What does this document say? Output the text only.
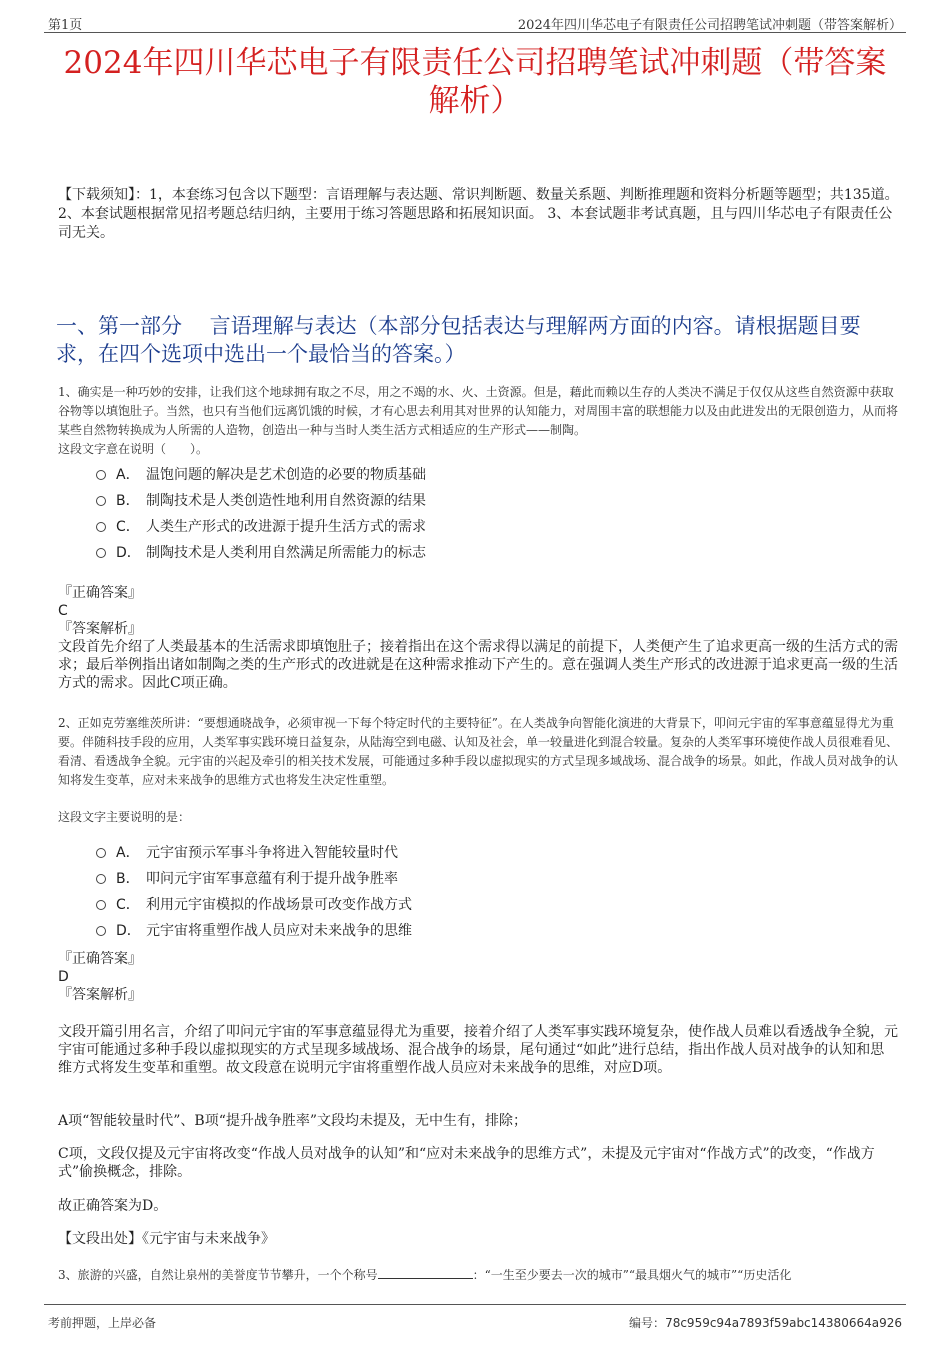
第1页	2024年四川华芯电子有限责任公司招聘笔试冲刺题（带答案解析）
2024年四川华芯电子有限责任公司招聘笔试冲刺题（带答案解析）
【下载须知】：1，本套练习包含以下题型：言语理解与表达题、常识判断题、数量关系题、判断推理题和资料分析题等题型；共135道。 2、本套试题根据常见招考题总结归纳，主要用于练习答题思路和拓展知识面。 3、本套试题非考试真题，且与四川华芯电子有限责任公司无关。
一、第一部分　 言语理解与表达（本部分包括表达与理解两方面的内容。请根据题目要求，在四个选项中选出一个最恰当的答案。）
1、确实是一种巧妙的安排，让我们这个地球拥有取之不尽，用之不竭的水、火、土资源。但是，藉此而赖以生存的人类决不满足于仅仅从这些自然资源中获取谷物等以填饱肚子。当然，也只有当他们远离饥饿的时候，才有心思去利用其对世界的认知能力，对周围丰富的联想能力以及由此进发出的无限创造力，从而将某些自然物转换成为人所需的人造物，创造出一种与当时人类生活方式相适应的生产形式——制陶。
这段文字意在说明（　　）。
A． 温饱问题的解决是艺术创造的必要的物质基础
B． 制陶技术是人类创造性地利用自然资源的结果
C． 人类生产形式的改进源于提升生活方式的需求
D． 制陶技术是人类利用自然满足所需能力的标志
『正确答案』
C
『答案解析』
文段首先介绍了人类最基本的生活需求即填饱肚子；接着指出在这个需求得以满足的前提下，人类便产生了追求更高一级的生活方式的需求；最后举例指出诸如制陶之类的生产形式的改进就是在这种需求推动下产生的。意在强调人类生产形式的改进源于追求更高一级的生活方式的需求。因此C项正确。
2、正如克劳塞维茨所讲：“要想通晓战争，必须审视一下每个特定时代的主要特征”。在人类战争向智能化演进的大背景下，叩问元宇宙的军事意蕴显得尤为重要。伴随科技手段的应用，人类军事实践环境日益复杂，从陆海空到电磁、认知及社会，单一较量进化到混合较量。复杂的人类军事环境使作战人员很难看见、看清、看透战争全貌。元宇宙的兴起及牵引的相关技术发展，可能通过多种手段以虚拟现实的方式呈现多域战场、混合战争的场景。如此，作战人员对战争的认知将发生变革，应对未来战争的思维方式也将发生决定性重塑。
这段文字主要说明的是：
A． 元宇宙预示军事斗争将进入智能较量时代
B． 叩问元宇宙军事意蕴有利于提升战争胜率
C． 利用元宇宙模拟的作战场景可改变作战方式
D． 元宇宙将重塑作战人员应对未来战争的思维
『正确答案』
D
『答案解析』
文段开篇引用名言，介绍了叩问元宇宙的军事意蕴显得尤为重要，接着介绍了人类军事实践环境复杂，使作战人员难以看透战争全貌，元宇宙可能通过多种手段以虚拟现实的方式呈现多域战场、混合战争的场景，尾句通过“如此”进行总结，指出作战人员对战争的认知和思维方式将发生变革和重塑。故文段意在说明元宇宙将重塑作战人员应对未来战争的思维，对应D项。
A项“智能较量时代”、B项“提升战争胜率”文段均未提及，无中生有，排除；
C项，文段仅提及元宇宙将改变“作战人员对战争的认知”和“应对未来战争的思维方式”，未提及元宇宙对“作战方式”的改变，“作战方式”偷换概念，排除。
故正确答案为D。
【文段出处】《元宇宙与未来战争》
3、旅游的兴盛，自然让泉州的美誉度节节攀升，一个个称号	：“一生至少要去一次的城市”“最具烟火气的城市”“历史活化
考前押题，上岸必备	编号：78c959c94a7893f59abc14380664a926
